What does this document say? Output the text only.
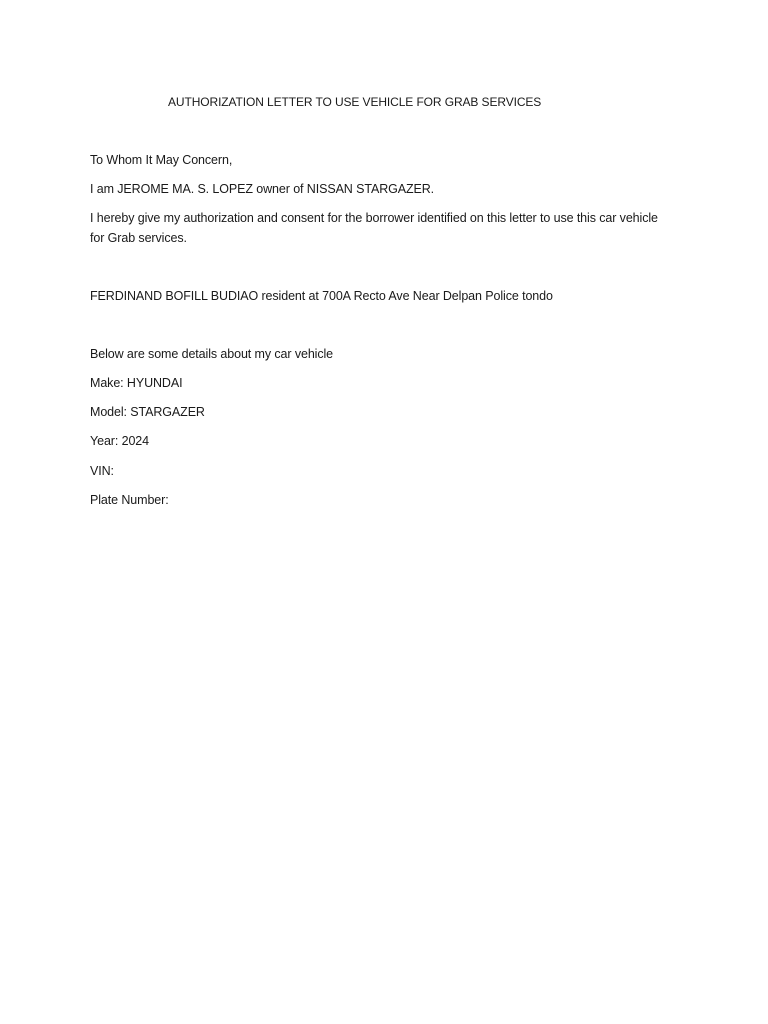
AUTHORIZATION LETTER TO USE VEHICLE FOR GRAB SERVICES
To Whom It May Concern,
I am JEROME MA. S. LOPEZ owner of NISSAN STARGAZER.
I hereby give my authorization and consent for the borrower identified on this letter to use this car vehicle for Grab services.
FERDINAND BOFILL BUDIAO resident at 700A Recto Ave Near Delpan Police tondo
Below are some details about my car vehicle
Make: HYUNDAI
Model: STARGAZER
Year: 2024
VIN:
Plate Number:
